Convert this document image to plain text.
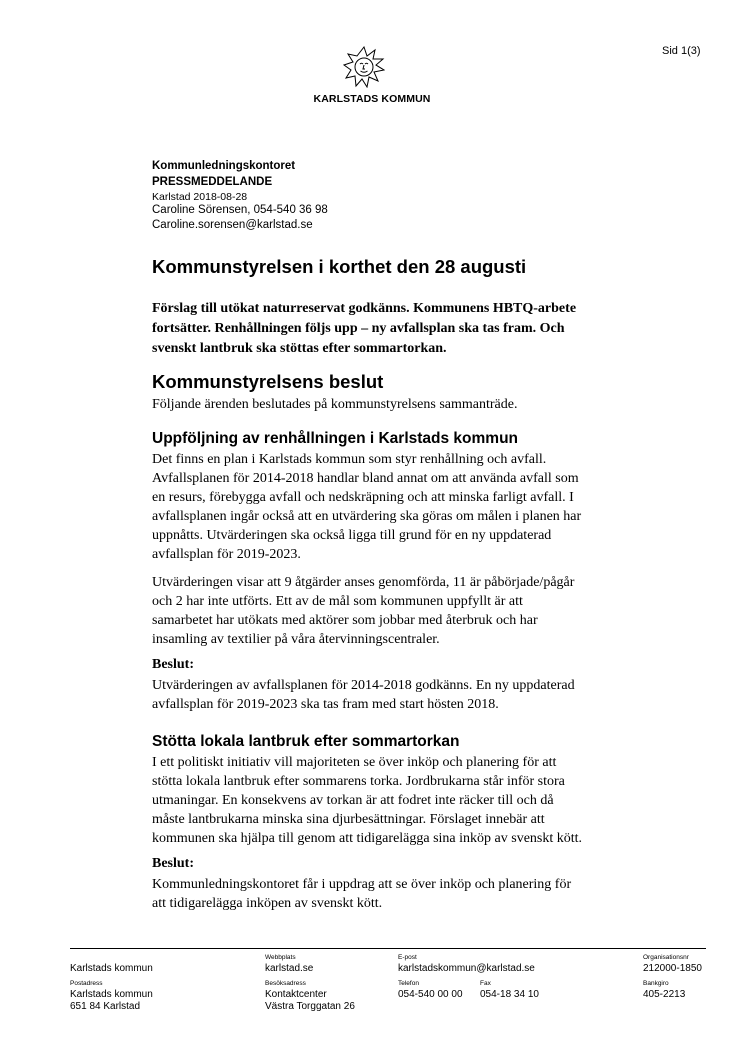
Sid 1(3)
KARLSTADS KOMMUN
Kommunledningskontoret
PRESSMEDDELANDE
Karlstad 2018-08-28
Caroline Sörensen, 054-540 36 98
Caroline.sorensen@karlstad.se
Kommunstyrelsen i korthet den 28 augusti
Förslag till utökat naturreservat godkänns. Kommunens HBTQ-arbete
fortsätter. Renhållningen följs upp – ny avfallsplan ska tas fram. Och
svenskt lantbruk ska stöttas efter sommartorkan.
Kommunstyrelsens beslut
Följande ärenden beslutades på kommunstyrelsens sammanträde.
Uppföljning av renhållningen i Karlstads kommun
Det finns en plan i Karlstads kommun som styr renhållning och avfall.
Avfallsplanen för 2014-2018 handlar bland annat om att använda avfall som
en resurs, förebygga avfall och nedskräpning och att minska farligt avfall. I
avfallsplanen ingår också att en utvärdering ska göras om målen i planen har
uppnåtts. Utvärderingen ska också ligga till grund för en ny uppdaterad
avfallsplan för 2019-2023.
Utvärderingen visar att 9 åtgärder anses genomförda, 11 är påbörjade/pågår
och 2 har inte utförts. Ett av de mål som kommunen uppfyllt är att
samarbetet har utökats med aktörer som jobbar med återbruk och har
insamling av textilier på våra återvinningscentraler.
Beslut:
Utvärderingen av avfallsplanen för 2014-2018 godkänns. En ny uppdaterad
avfallsplan för 2019-2023 ska tas fram med start hösten 2018.
Stötta lokala lantbruk efter sommartorkan
I ett politiskt initiativ vill majoriteten se över inköp och planering för att
stötta lokala lantbruk efter sommarens torka. Jordbrukarna står inför stora
utmaningar. En konsekvens av torkan är att fodret inte räcker till och då
måste lantbrukarna minska sina djurbesättningar. Förslaget innebär att
kommunen ska hjälpa till genom att tidigarelägga sina inköp av svenskt kött.
Beslut:
Kommunledningskontoret får i uppdrag att se över inköp och planering för
att tidigarelägga inköpen av svenskt kött.
Karlstads kommun
Webbplats
karlstad.se
E-post
karlstadskommun@karlstad.se
Organisationsnr
212000-1850
Postadress
Karlstads kommun
651 84 Karlstad
Besöksadress
Kontaktcenter
Västra Torggatan 26
Telefon
054-540 00 00
Fax
054-18 34 10
Bankgiro
405-2213
